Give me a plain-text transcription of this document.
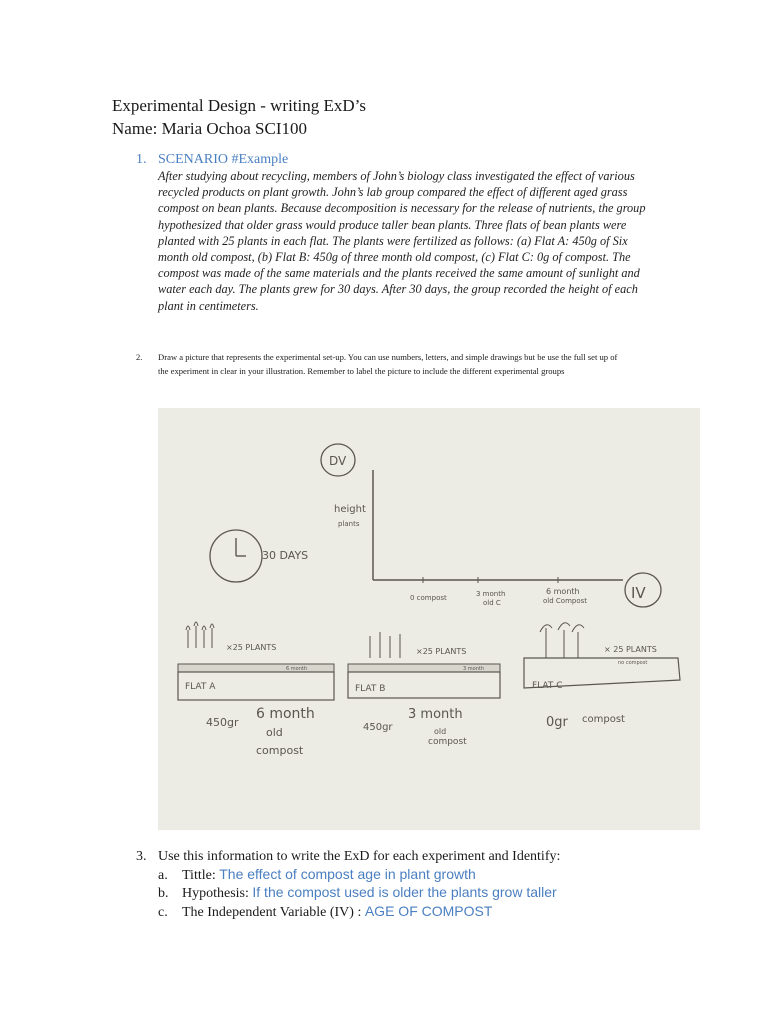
Experimental Design - writing ExD’s
Name: Maria Ochoa SCI100
1. SCENARIO #Example
After studying about recycling, members of John’s biology class investigated the effect of various recycled products on plant growth. John’s lab group compared the effect of different aged grass compost on bean plants. Because decomposition is necessary for the release of nutrients, the group hypothesized that older grass would produce taller bean plants. Three flats of bean plants were planted with 25 plants in each flat. The plants were fertilized as follows: (a) Flat A: 450g of Six month old compost, (b) Flat B: 450g of three month old compost, (c) Flat C: 0g of compost. The compost was made of the same materials and the plants received the same amount of sunlight and water each day. The plants grew for 30 days. After 30 days, the group recorded the height of each plant in centimeters.
2. Draw a picture that represents the experimental set-up. You can use numbers, letters, and simple drawings but be use the full set up of the experiment in clear in your illustration. Remember to label the picture to include the different experimental groups
DV
height
plants
0 compost	3 month
old C
6 month
old Compost	IV
30 DAYS
×25 PLANTS
6 month
FLAT A
450gr
6 month
old
compost
×25 PLANTS
3 month
FLAT B
450gr
3 month
old
compost
× 25 PLANTS
no compost
FLAT C
0gr compost
3. Use this information to write the ExD for each experiment and Identify:
a. Tittle: The effect of compost age in plant growth
b. Hypothesis: If the compost used is older the plants grow taller
c. The Independent Variable (IV) : AGE OF COMPOST
